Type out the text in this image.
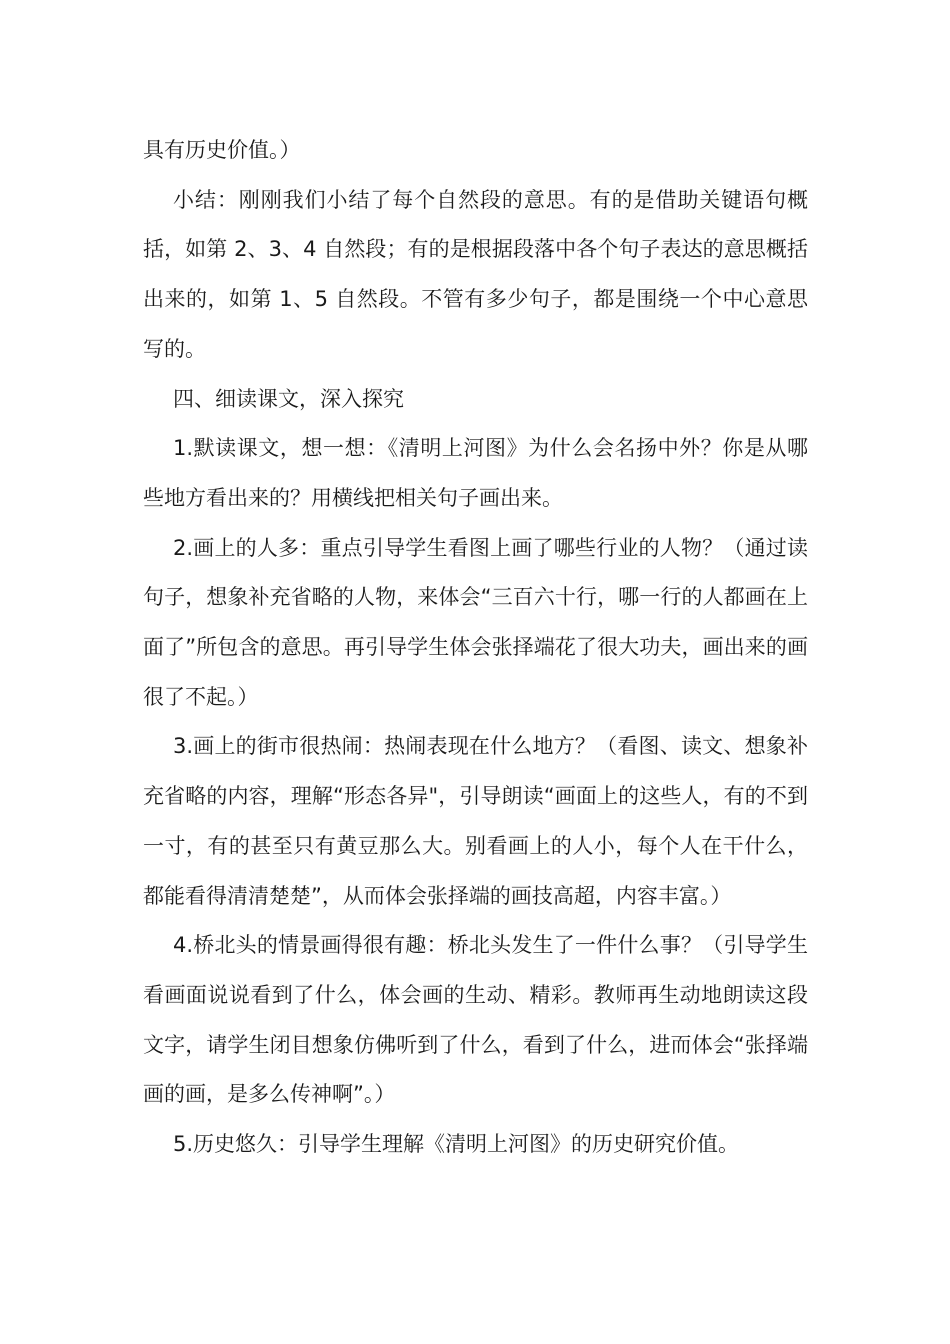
具有历史价值。）

小结：刚刚我们小结了每个自然段的意思。有的是借助关键语句概括，如第 2、3、4 自然段；有的是根据段落中各个句子表达的意思概括出来的，如第 1、5 自然段。不管有多少句子，都是围绕一个中心意思写的。

四、细读课文，深入探究

1.默读课文，想一想：《清明上河图》为什么会名扬中外？你是从哪些地方看出来的？用横线把相关句子画出来。

2.画上的人多：重点引导学生看图上画了哪些行业的人物？（通过读句子，想象补充省略的人物，来体会“三百六十行，哪一行的人都画在上面了”所包含的意思。再引导学生体会张择端花了很大功夫，画出来的画很了不起。）

3.画上的街市很热闹：热闹表现在什么地方？（看图、读文、想象补充省略的内容，理解“形态各异"，引导朗读“画面上的这些人，有的不到一寸，有的甚至只有黄豆那么大。别看画上的人小，每个人在干什么，都能看得清清楚楚”，从而体会张择端的画技高超，内容丰富。）

4.桥北头的情景画得很有趣：桥北头发生了一件什么事？（引导学生看画面说说看到了什么，体会画的生动、精彩。教师再生动地朗读这段文字，请学生闭目想象仿佛听到了什么，看到了什么，进而体会“张择端画的画，是多么传神啊”。）

5.历史悠久：引导学生理解《清明上河图》的历史研究价值。
